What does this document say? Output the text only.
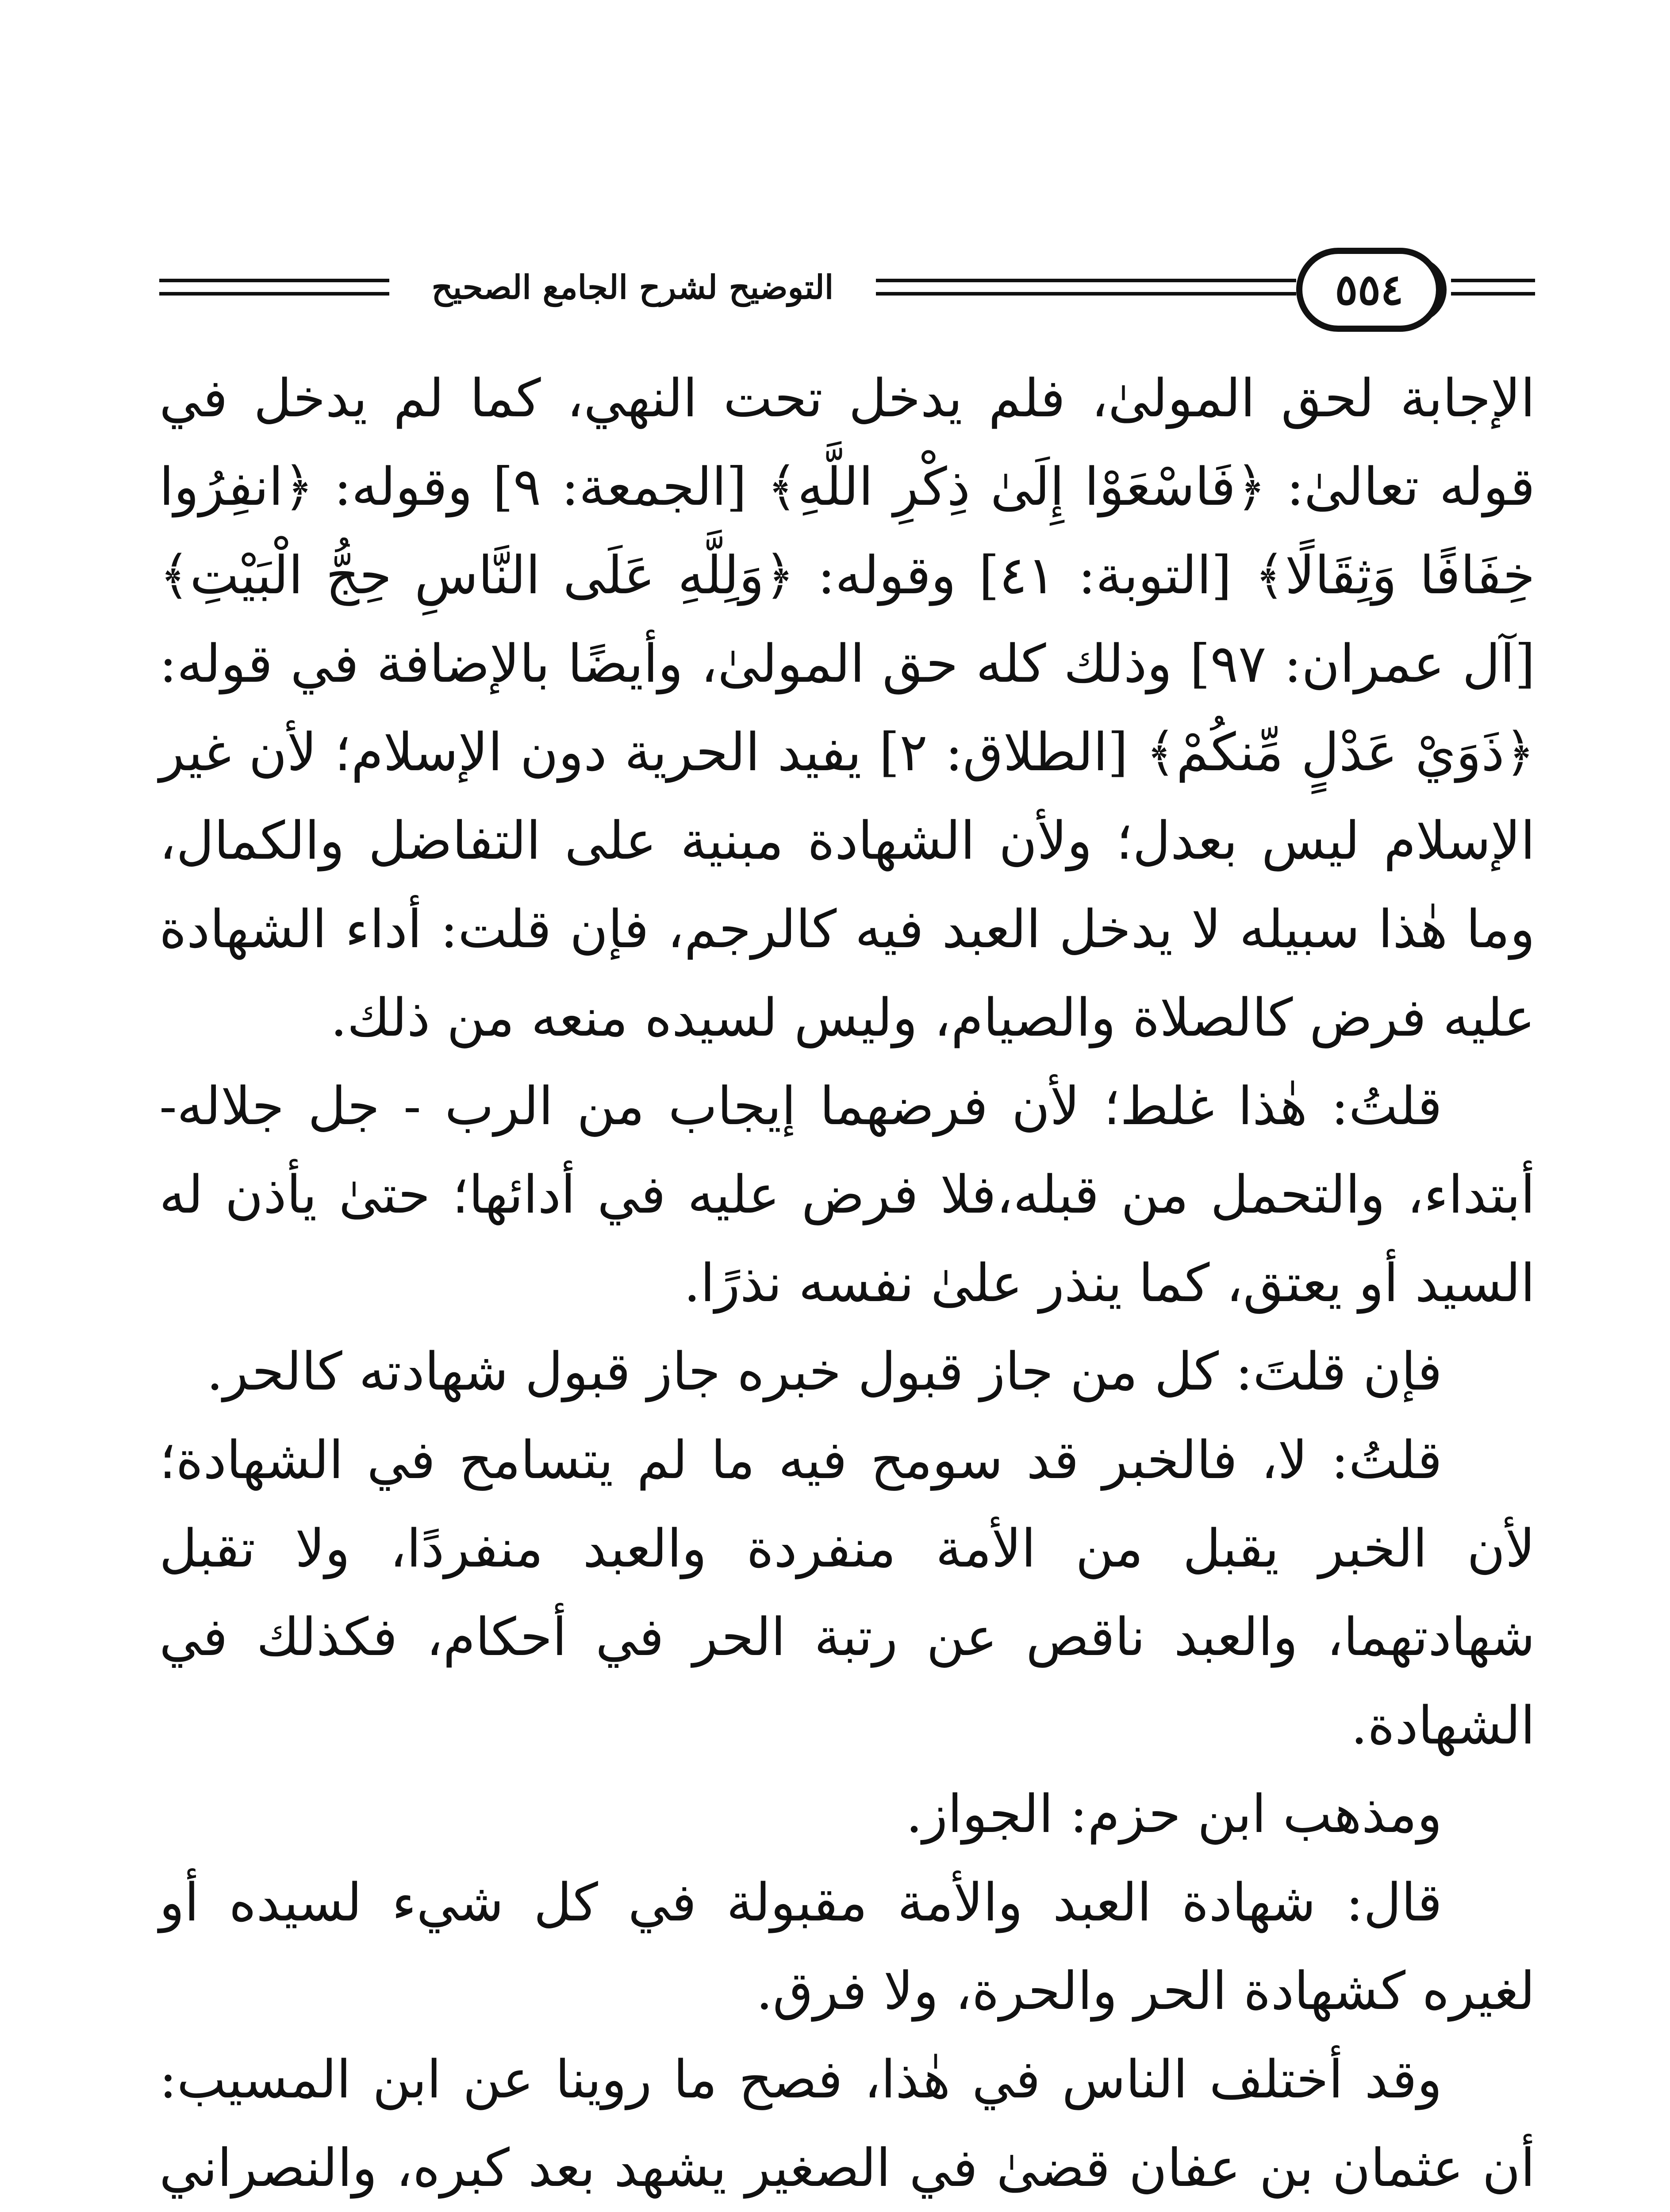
التوضيح لشرح الجامع الصحيح	٥٥٤

الإجابة لحق المولىٰ، فلم يدخل تحت النهي، كما لم يدخل في قوله تعالىٰ: ﴿فَاسْعَوْا إِلَىٰ ذِكْرِ اللَّهِ﴾ [الجمعة: ٩] وقوله: ﴿انفِرُوا خِفَافًا وَثِقَالًا﴾ [التوبة: ٤١] وقوله: ﴿وَلِلَّهِ عَلَى النَّاسِ حِجُّ الْبَيْتِ﴾ [آل عمران: ٩٧] وذلك كله حق المولىٰ، وأيضًا بالإضافة في قوله: ﴿ذَوَيْ عَدْلٍ مِّنكُمْ﴾ [الطلاق: ٢] يفيد الحرية دون الإسلام؛ لأن غير الإسلام ليس بعدل؛ ولأن الشهادة مبنية على التفاضل والكمال، وما هٰذا سبيله لا يدخل العبد فيه كالرجم، فإن قلت: أداء الشهادة عليه فرض كالصلاة والصيام، وليس لسيده منعه من ذلك.

قلتُ: هٰذا غلط؛ لأن فرضهما إيجاب من الرب - جل جلاله- أبتداء، والتحمل من قبله،فلا فرض عليه في أدائها؛ حتىٰ يأذن له السيد أو يعتق، كما ينذر علىٰ نفسه نذرًا.

فإن قلتَ: كل من جاز قبول خبره جاز قبول شهادته كالحر.

قلتُ: لا، فالخبر قد سومح فيه ما لم يتسامح في الشهادة؛ لأن الخبر يقبل من الأمة منفردة والعبد منفردًا، ولا تقبل شهادتهما، والعبد ناقص عن رتبة الحر في أحكام، فكذلك في الشهادة.

ومذهب ابن حزم: الجواز.

قال: شهادة العبد والأمة مقبولة في كل شيء لسيده أو لغيره كشهادة الحر والحرة، ولا فرق.

وقد أختلف الناس في هٰذا، فصح ما روينا عن ابن المسيب: أن عثمان بن عفان قضىٰ في الصغير يشهد بعد كبره، والنصراني
